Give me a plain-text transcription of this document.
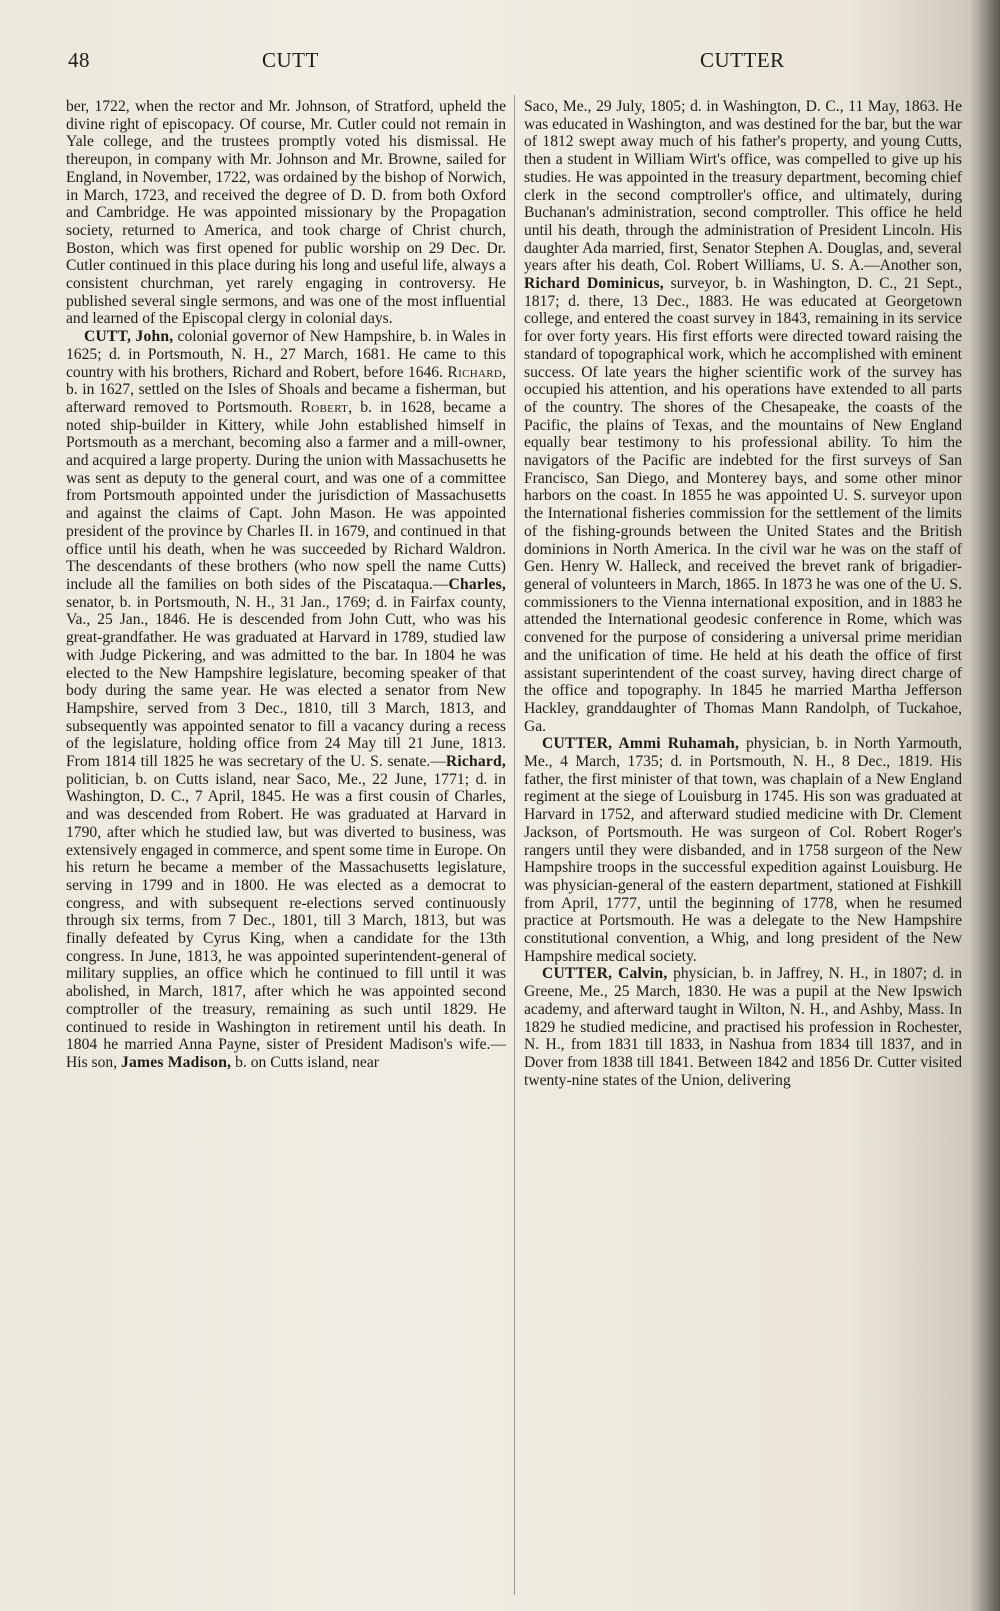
48	CUTT	CUTTER

ber, 1722, when the rector and Mr. Johnson, of Stratford, upheld the divine right of episcopacy. Of course, Mr. Cutler could not remain in Yale college, and the trustees promptly voted his dismissal. He thereupon, in company with Mr. Johnson and Mr. Browne, sailed for England, in November, 1722, was ordained by the bishop of Norwich, in March, 1723, and received the degree of D. D. from both Oxford and Cambridge. He was appointed missionary by the Propagation society, returned to America, and took charge of Christ church, Boston, which was first opened for public worship on 29 Dec. Dr. Cutler continued in this place during his long and useful life, always a consistent churchman, yet rarely engaging in controversy. He published several single sermons, and was one of the most influential and learned of the Episcopal clergy in colonial days.

CUTT, John, colonial governor of New Hampshire, b. in Wales in 1625; d. in Portsmouth, N. H., 27 March, 1681. He came to this country with his brothers, Richard and Robert, before 1646. Richard, b. in 1627, settled on the Isles of Shoals and became a fisherman, but afterward removed to Portsmouth. Robert, b. in 1628, became a noted ship-builder in Kittery, while John established himself in Portsmouth as a merchant, becoming also a farmer and a mill-owner, and acquired a large property. During the union with Massachusetts he was sent as deputy to the general court, and was one of a committee from Portsmouth appointed under the jurisdiction of Massachusetts and against the claims of Capt. John Mason. He was appointed president of the province by Charles II. in 1679, and continued in that office until his death, when he was succeeded by Richard Waldron. The descendants of these brothers (who now spell the name Cutts) include all the families on both sides of the Piscataqua.—Charles, senator, b. in Portsmouth, N. H., 31 Jan., 1769; d. in Fairfax county, Va., 25 Jan., 1846. He is descended from John Cutt, who was his great-grandfather. He was graduated at Harvard in 1789, studied law with Judge Pickering, and was admitted to the bar. In 1804 he was elected to the New Hampshire legislature, becoming speaker of that body during the same year. He was elected a senator from New Hampshire, served from 3 Dec., 1810, till 3 March, 1813, and subsequently was appointed senator to fill a vacancy during a recess of the legislature, holding office from 24 May till 21 June, 1813. From 1814 till 1825 he was secretary of the U. S. senate.—Richard, politician, b. on Cutts island, near Saco, Me., 22 June, 1771; d. in Washington, D. C., 7 April, 1845. He was a first cousin of Charles, and was descended from Robert. He was graduated at Harvard in 1790, after which he studied law, but was diverted to business, was extensively engaged in commerce, and spent some time in Europe. On his return he became a member of the Massachusetts legislature, serving in 1799 and in 1800. He was elected as a democrat to congress, and with subsequent re-elections served continuously through six terms, from 7 Dec., 1801, till 3 March, 1813, but was finally defeated by Cyrus King, when a candidate for the 13th congress. In June, 1813, he was appointed superintendent-general of military supplies, an office which he continued to fill until it was abolished, in March, 1817, after which he was appointed second comptroller of the treasury, remaining as such until 1829. He continued to reside in Washington in retirement until his death. In 1804 he married Anna Payne, sister of President Madison's wife.—His son, James Madison, b. on Cutts island, near

Saco, Me., 29 July, 1805; d. in Washington, D. C., 11 May, 1863. He was educated in Washington, and was destined for the bar, but the war of 1812 swept away much of his father's property, and young Cutts, then a student in William Wirt's office, was compelled to give up his studies. He was appointed in the treasury department, becoming chief clerk in the second comptroller's office, and ultimately, during Buchanan's administration, second comptroller. This office he held until his death, through the administration of President Lincoln. His daughter Ada married, first, Senator Stephen A. Douglas, and, several years after his death, Col. Robert Williams, U. S. A.—Another son, Richard Dominicus, surveyor, b. in Washington, D. C., 21 Sept., 1817; d. there, 13 Dec., 1883. He was educated at Georgetown college, and entered the coast survey in 1843, remaining in its service for over forty years. His first efforts were directed toward raising the standard of topographical work, which he accomplished with eminent success. Of late years the higher scientific work of the survey has occupied his attention, and his operations have extended to all parts of the country. The shores of the Chesapeake, the coasts of the Pacific, the plains of Texas, and the mountains of New England equally bear testimony to his professional ability. To him the navigators of the Pacific are indebted for the first surveys of San Francisco, San Diego, and Monterey bays, and some other minor harbors on the coast. In 1855 he was appointed U. S. surveyor upon the International fisheries commission for the settlement of the limits of the fishing-grounds between the United States and the British dominions in North America. In the civil war he was on the staff of Gen. Henry W. Halleck, and received the brevet rank of brigadier-general of volunteers in March, 1865. In 1873 he was one of the U. S. commissioners to the Vienna international exposition, and in 1883 he attended the International geodesic conference in Rome, which was convened for the purpose of considering a universal prime meridian and the unification of time. He held at his death the office of first assistant superintendent of the coast survey, having direct charge of the office and topography. In 1845 he married Martha Jefferson Hackley, granddaughter of Thomas Mann Randolph, of Tuckahoe, Ga.

CUTTER, Ammi Ruhamah, physician, b. in North Yarmouth, Me., 4 March, 1735; d. in Portsmouth, N. H., 8 Dec., 1819. His father, the first minister of that town, was chaplain of a New England regiment at the siege of Louisburg in 1745. His son was graduated at Harvard in 1752, and afterward studied medicine with Dr. Clement Jackson, of Portsmouth. He was surgeon of Col. Robert Roger's rangers until they were disbanded, and in 1758 surgeon of the New Hampshire troops in the successful expedition against Louisburg. He was physician-general of the eastern department, stationed at Fishkill from April, 1777, until the beginning of 1778, when he resumed practice at Portsmouth. He was a delegate to the New Hampshire constitutional convention, a Whig, and long president of the New Hampshire medical society.

CUTTER, Calvin, physician, b. in Jaffrey, N. H., in 1807; d. in Greene, Me., 25 March, 1830. He was a pupil at the New Ipswich academy, and afterward taught in Wilton, N. H., and Ashby, Mass. In 1829 he studied medicine, and practised his profession in Rochester, N. H., from 1831 till 1833, in Nashua from 1834 till 1837, and in Dover from 1838 till 1841. Between 1842 and 1856 Dr. Cutter visited twenty-nine states of the Union, delivering
